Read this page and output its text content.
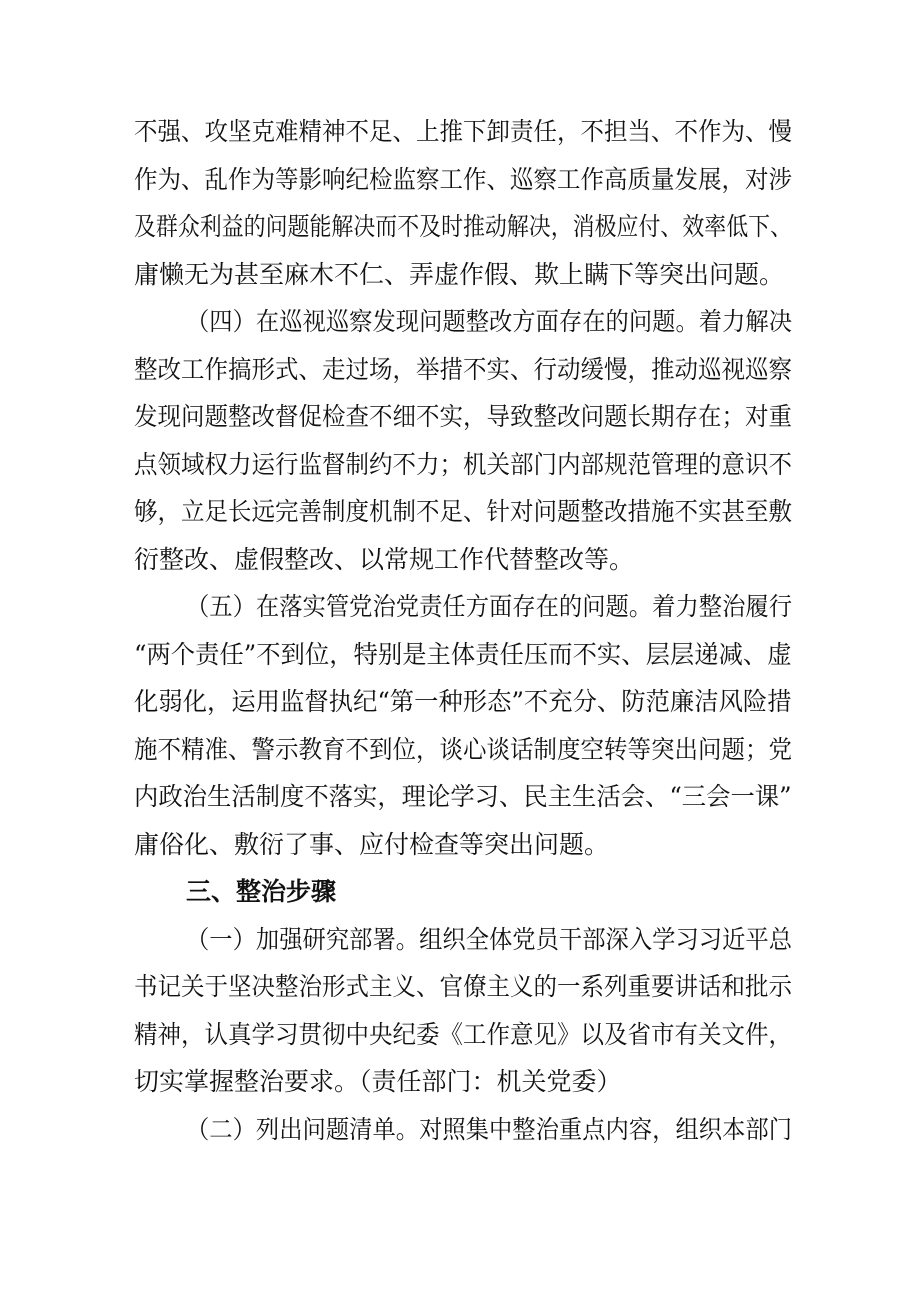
不强、攻坚克难精神不足、上推下卸责任，不担当、不作为、慢
作为、乱作为等影响纪检监察工作、巡察工作高质量发展，对涉
及群众利益的问题能解决而不及时推动解决，消极应付、效率低下、
庸懒无为甚至麻木不仁、弄虚作假、欺上瞒下等突出问题。
（四）在巡视巡察发现问题整改方面存在的问题。着力解决
整改工作搞形式、走过场，举措不实、行动缓慢，推动巡视巡察
发现问题整改督促检查不细不实，导致整改问题长期存在；对重
点领域权力运行监督制约不力；机关部门内部规范管理的意识不
够，立足长远完善制度机制不足、针对问题整改措施不实甚至敷
衍整改、虚假整改、以常规工作代替整改等。
（五）在落实管党治党责任方面存在的问题。着力整治履行
“两个责任”不到位，特别是主体责任压而不实、层层递减、虚
化弱化，运用监督执纪“第一种形态”不充分、防范廉洁风险措
施不精准、警示教育不到位，谈心谈话制度空转等突出问题；党
内政治生活制度不落实，理论学习、民主生活会、“三会一课”
庸俗化、敷衍了事、应付检查等突出问题。
三、整治步骤
（一）加强研究部署。组织全体党员干部深入学习习近平总
书记关于坚决整治形式主义、官僚主义的一系列重要讲话和批示
精神，认真学习贯彻中央纪委《工作意见》以及省市有关文件，
切实掌握整治要求。（责任部门：机关党委）
（二）列出问题清单。对照集中整治重点内容，组织本部门
